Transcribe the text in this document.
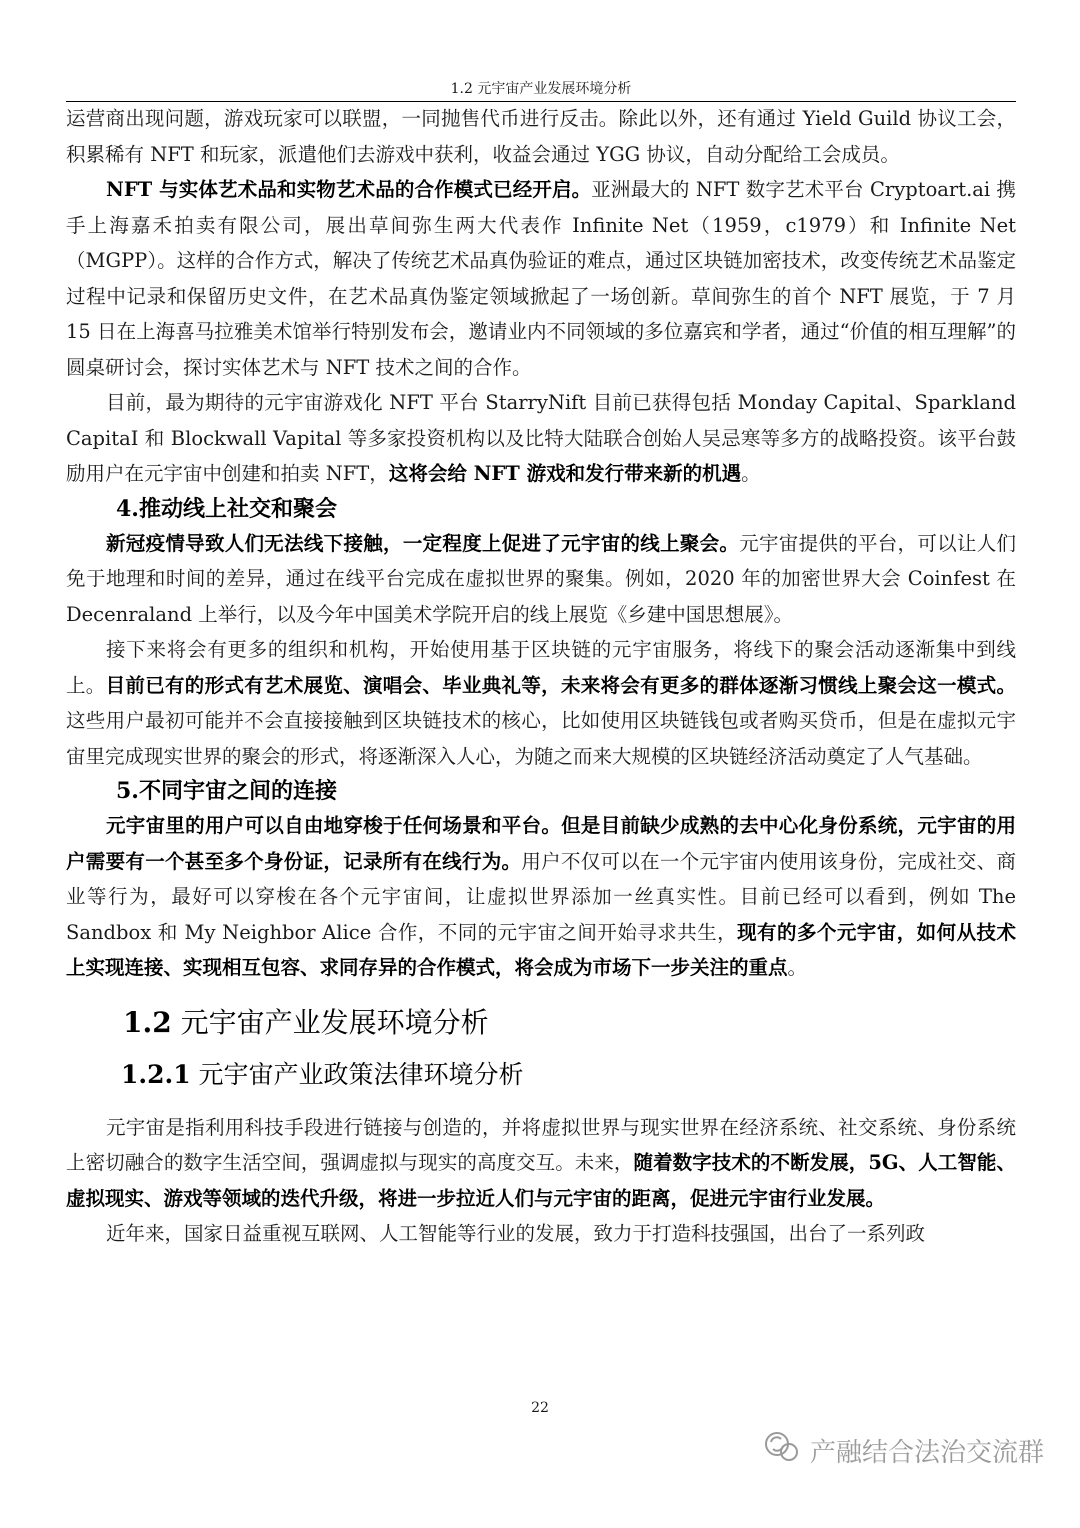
1.2 元宇宙产业发展环境分析

运营商出现问题，游戏玩家可以联盟，一同抛售代币进行反击。除此以外，还有通过 Yield Guild 协议工会，积累稀有 NFT 和玩家，派遣他们去游戏中获利，收益会通过 YGG 协议，自动分配给工会成员。

NFT 与实体艺术品和实物艺术品的合作模式已经开启。亚洲最大的 NFT 数字艺术平台 Cryptoart.ai 携手上海嘉禾拍卖有限公司，展出草间弥生两大代表作 Infinite Net（1959，c1979）和 Infinite Net（MGPP）。这样的合作方式，解决了传统艺术品真伪验证的难点，通过区块链加密技术，改变传统艺术品鉴定过程中记录和保留历史文件，在艺术品真伪鉴定领域掀起了一场创新。草间弥生的首个 NFT 展览，于 7 月 15 日在上海喜马拉雅美术馆举行特别发布会，邀请业内不同领域的多位嘉宾和学者，通过“价值的相互理解”的圆桌研讨会，探讨实体艺术与 NFT 技术之间的合作。

目前，最为期待的元宇宙游戏化 NFT 平台 StarryNift 目前已获得包括 Monday Capital、Sparkland CapitaI 和 Blockwall Vapital 等多家投资机构以及比特大陆联合创始人吴忌寒等多方的战略投资。该平台鼓励用户在元宇宙中创建和拍卖 NFT，这将会给 NFT 游戏和发行带来新的机遇。

4.推动线上社交和聚会

新冠疫情导致人们无法线下接触，一定程度上促进了元宇宙的线上聚会。元宇宙提供的平台，可以让人们免于地理和时间的差异，通过在线平台完成在虚拟世界的聚集。例如，2020 年的加密世界大会 Coinfest 在 Decenraland 上举行，以及今年中国美术学院开启的线上展览《乡建中国思想展》。

接下来将会有更多的组织和机构，开始使用基于区块链的元宇宙服务，将线下的聚会活动逐渐集中到线上。目前已有的形式有艺术展览、演唱会、毕业典礼等，未来将会有更多的群体逐渐习惯线上聚会这一模式。这些用户最初可能并不会直接接触到区块链技术的核心，比如使用区块链钱包或者购买贷币，但是在虚拟元宇宙里完成现实世界的聚会的形式，将逐渐深入人心，为随之而来大规模的区块链经济活动奠定了人气基础。

5.不同宇宙之间的连接

元宇宙里的用户可以自由地穿梭于任何场景和平台。但是目前缺少成熟的去中心化身份系统，元宇宙的用户需要有一个甚至多个身份证，记录所有在线行为。用户不仅可以在一个元宇宙内使用该身份，完成社交、商业等行为，最好可以穿梭在各个元宇宙间，让虚拟世界添加一丝真实性。目前已经可以看到，例如 The Sandbox 和 My Neighbor Alice 合作，不同的元宇宙之间开始寻求共生，现有的多个元宇宙，如何从技术上实现连接、实现相互包容、求同存异的合作模式，将会成为市场下一步关注的重点。

1.2 元宇宙产业发展环境分析
1.2.1 元宇宙产业政策法律环境分析

元宇宙是指利用科技手段进行链接与创造的，并将虚拟世界与现实世界在经济系统、社交系统、身份系统上密切融合的数字生活空间，强调虚拟与现实的高度交互。未来，随着数字技术的不断发展，5G、人工智能、虚拟现实、游戏等领域的迭代升级，将进一步拉近人们与元宇宙的距离，促进元宇宙行业发展。

近年来，国家日益重视互联网、人工智能等行业的发展，致力于打造科技强国，出台了一系列政

22
产融结合法治交流群
